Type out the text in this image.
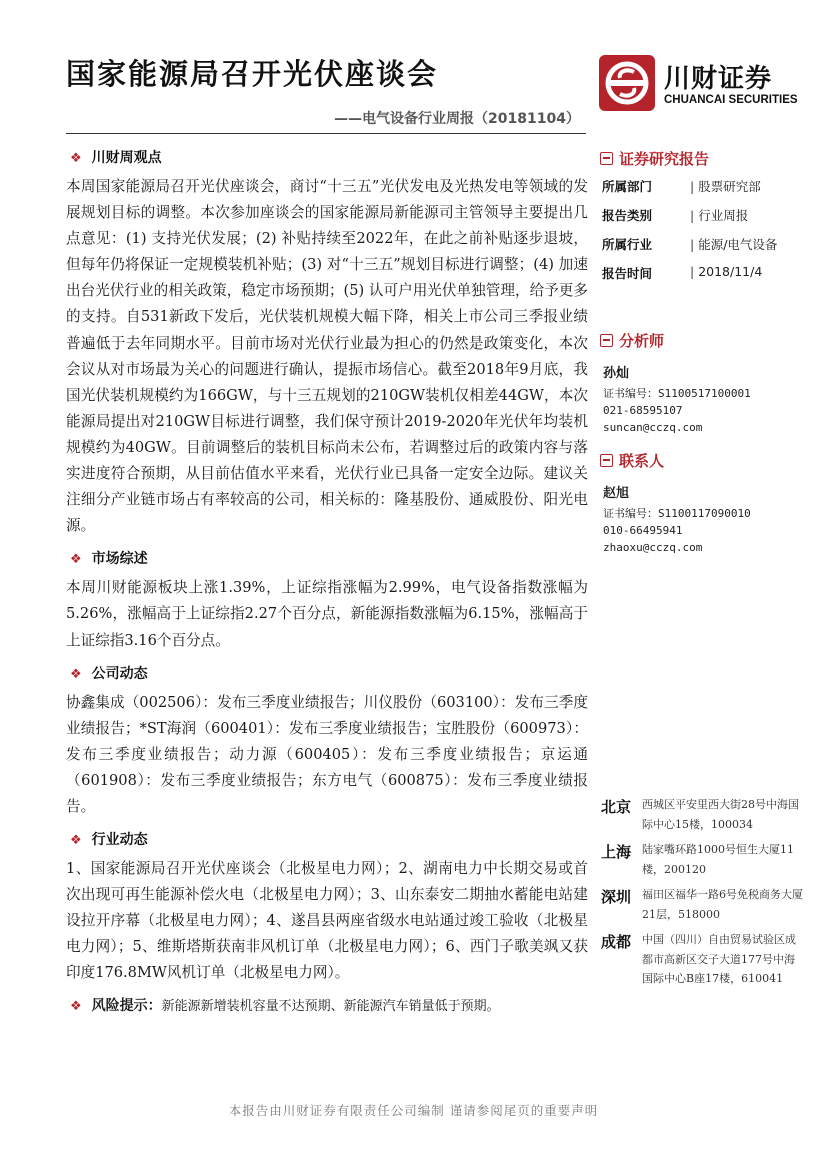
国家能源局召开光伏座谈会
——电气设备行业周报（20181104）
川财证券
CHUANCAI SECURITIES
❖ 川财周观点
本周国家能源局召开光伏座谈会，商讨“十三五”光伏发电及光热发电等领域的发展规划目标的调整。本次参加座谈会的国家能源局新能源司主管领导主要提出几点意见：(1) 支持光伏发展；(2) 补贴持续至2022年，在此之前补贴逐步退坡，但每年仍将保证一定规模装机补贴；(3) 对“十三五”规划目标进行调整；(4) 加速出台光伏行业的相关政策，稳定市场预期；(5) 认可户用光伏单独管理，给予更多的支持。自531新政下发后，光伏装机规模大幅下降，相关上市公司三季报业绩普遍低于去年同期水平。目前市场对光伏行业最为担心的仍然是政策变化，本次会议从对市场最为关心的问题进行确认，提振市场信心。截至2018年9月底，我国光伏装机规模约为166GW，与十三五规划的210GW装机仅相差44GW，本次能源局提出对210GW目标进行调整，我们保守预计2019-2020年光伏年均装机规模约为40GW。目前调整后的装机目标尚未公布，若调整过后的政策内容与落实进度符合预期，从目前估值水平来看，光伏行业已具备一定安全边际。建议关注细分产业链市场占有率较高的公司，相关标的：隆基股份、通威股份、阳光电源。
❖ 市场综述
本周川财能源板块上涨1.39%，上证综指涨幅为2.99%，电气设备指数涨幅为5.26%，涨幅高于上证综指2.27个百分点，新能源指数涨幅为6.15%，涨幅高于上证综指3.16个百分点。
❖ 公司动态
协鑫集成（002506）：发布三季度业绩报告；川仪股份（603100）：发布三季度业绩报告；*ST海润（600401）：发布三季度业绩报告；宝胜股份（600973）：发布三季度业绩报告；动力源（600405）：发布三季度业绩报告；京运通（601908）：发布三季度业绩报告；东方电气（600875）：发布三季度业绩报告。
❖ 行业动态
1、国家能源局召开光伏座谈会（北极星电力网）；2、湖南电力中长期交易或首次出现可再生能源补偿火电（北极星电力网）；3、山东泰安二期抽水蓄能电站建设拉开序幕（北极星电力网）；4、遂昌县两座省级水电站通过竣工验收（北极星电力网）；5、维斯塔斯获南非风机订单（北极星电力网）；6、西门子歌美飒又获印度176.8MW风机订单（北极星电力网）。
❖ 风险提示：新能源新增装机容量不达预期、新能源汽车销量低于预期。
证券研究报告
所属部门	| 股票研究部
报告类别	| 行业周报
所属行业	| 能源/电气设备
报告时间	| 2018/11/4
分析师
孙灿
证书编号：S1100517100001
021-68595107
suncan@cczq.com
联系人
赵旭
证书编号：S1100117090010
010-66495941
zhaoxu@cczq.com
北京 西城区平安里西大街28号中海国际中心15楼，100034
上海 陆家嘴环路1000号恒生大厦11楼，200120
深圳 福田区福华一路6号免税商务大厦21层，518000
成都 中国（四川）自由贸易试验区成都市高新区交子大道177号中海国际中心B座17楼，610041
本报告由川财证券有限责任公司编制 谨请参阅尾页的重要声明
